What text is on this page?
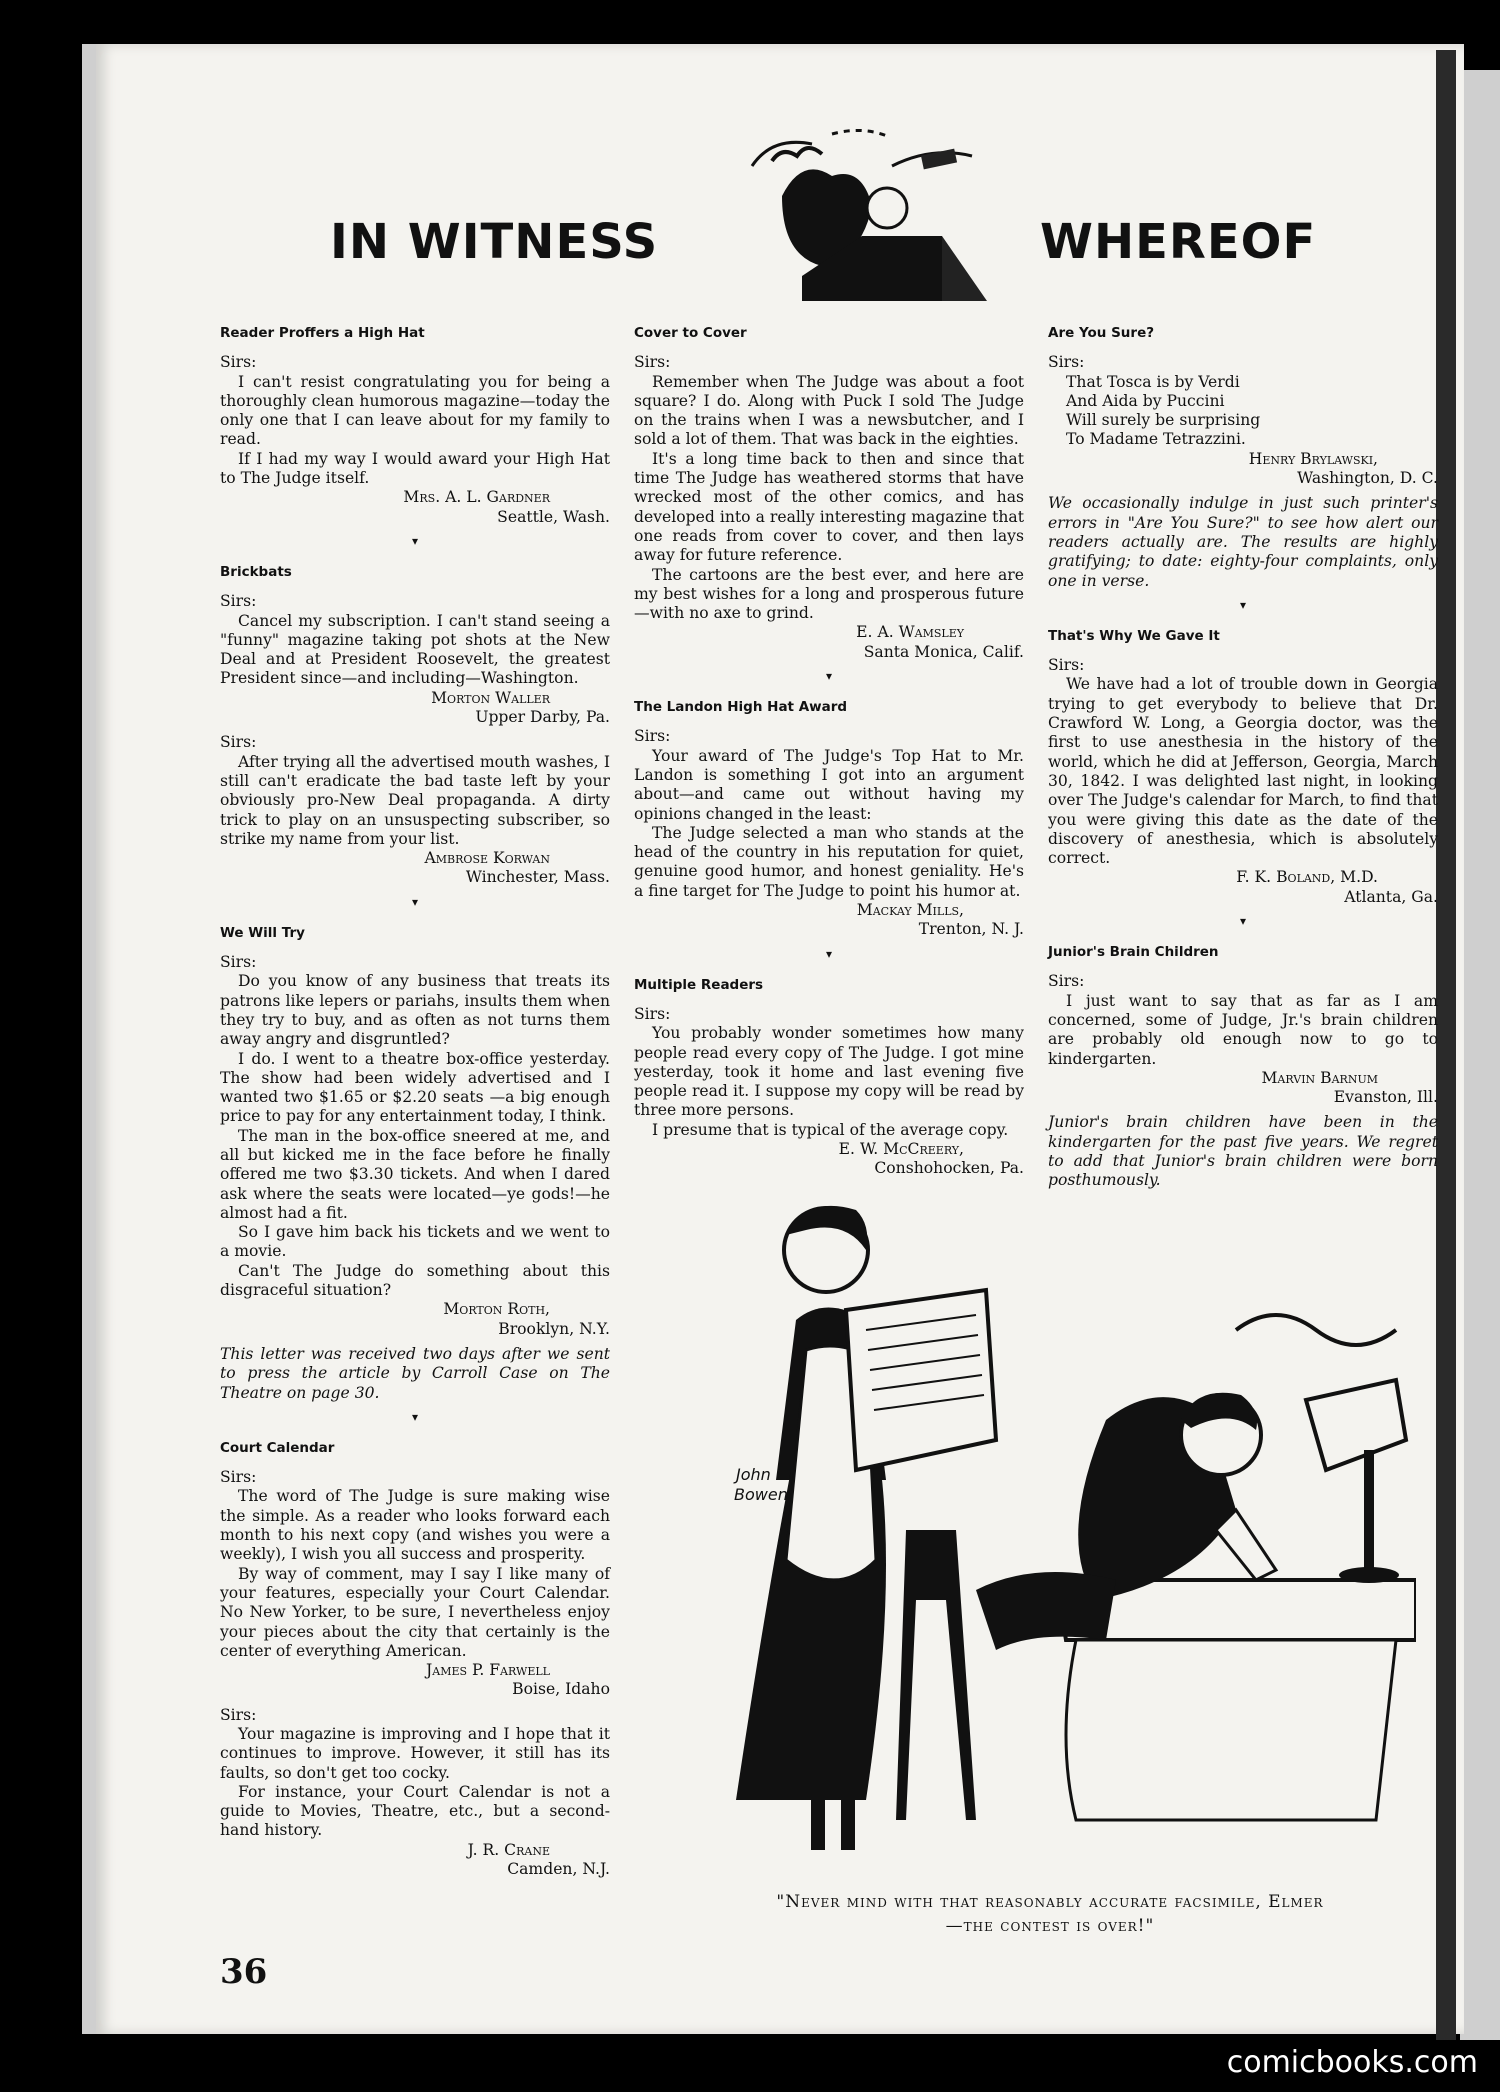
IN WITNESS	WHEREOF

Reader Proffers a High Hat

Sirs:

I can't resist congratulating you for being a thoroughly clean humorous magazine—today the only one that I can leave about for my family to read.

If I had my way I would award your High Hat to The Judge itself.

Mrs. A. L. Gardner

Seattle, Wash.

▾

Brickbats

Sirs:

Cancel my subscription. I can't stand seeing a "funny" magazine taking pot shots at the New Deal and at President Roosevelt, the greatest President since—and including—Washington.

Morton Waller

Upper Darby, Pa.

Sirs:

After trying all the advertised mouth washes, I still can't eradicate the bad taste left by your obviously pro-New Deal propaganda. A dirty trick to play on an unsuspecting subscriber, so strike my name from your list.

Ambrose Korwan

Winchester, Mass.

▾

We Will Try

Sirs:

Do you know of any business that treats its patrons like lepers or pariahs, insults them when they try to buy, and as often as not turns them away angry and disgruntled?

I do. I went to a theatre box-office yesterday. The show had been widely advertised and I wanted two $1.65 or $2.20 seats —a big enough price to pay for any entertainment today, I think.

The man in the box-office sneered at me, and all but kicked me in the face before he finally offered me two $3.30 tickets. And when I dared ask where the seats were located—ye gods!—he almost had a fit.

So I gave him back his tickets and we went to a movie.

Can't The Judge do something about this disgraceful situation?

Morton Roth,

Brooklyn, N.Y.

This letter was received two days after we sent to press the article by Carroll Case on The Theatre on page 30.

▾

Court Calendar

Sirs:

The word of The Judge is sure making wise the simple. As a reader who looks forward each month to his next copy (and wishes you were a weekly), I wish you all success and prosperity.

By way of comment, may I say I like many of your features, especially your Court Calendar. No New Yorker, to be sure, I nevertheless enjoy your pieces about the city that certainly is the center of everything American.

James P. Farwell

Boise, Idaho

Sirs:

Your magazine is improving and I hope that it continues to improve. However, it still has its faults, so don't get too cocky.

For instance, your Court Calendar is not a guide to Movies, Theatre, etc., but a second-hand history.

J. R. Crane

Camden, N.J.

Cover to Cover

Sirs:

Remember when The Judge was about a foot square? I do. Along with Puck I sold The Judge on the trains when I was a newsbutcher, and I sold a lot of them. That was back in the eighties.

It's a long time back to then and since that time The Judge has weathered storms that have wrecked most of the other comics, and has developed into a really interesting magazine that one reads from cover to cover, and then lays away for future reference.

The cartoons are the best ever, and here are my best wishes for a long and prosperous future—with no axe to grind.

E. A. Wamsley

Santa Monica, Calif.

▾

The Landon High Hat Award

Sirs:

Your award of The Judge's Top Hat to Mr. Landon is something I got into an argument about—and came out without having my opinions changed in the least:

The Judge selected a man who stands at the head of the country in his reputation for quiet, genuine good humor, and honest geniality. He's a fine target for The Judge to point his humor at.

Mackay Mills,

Trenton, N. J.

▾

Multiple Readers

Sirs:

You probably wonder sometimes how many people read every copy of The Judge. I got mine yesterday, took it home and last evening five people read it. I suppose my copy will be read by three more persons.

I presume that is typical of the average copy.

E. W. McCreery,

Conshohocken, Pa.

Are You Sure?

Sirs:

That Tosca is by Verdi

And Aida by Puccini

Will surely be surprising

To Madame Tetrazzini.

Henry Brylawski,

Washington, D. C.

We occasionally indulge in just such printer's errors in "Are You Sure?" to see how alert our readers actually are. The results are highly gratifying; to date: eighty-four complaints, only one in verse.

▾

That's Why We Gave It

Sirs:

We have had a lot of trouble down in Georgia trying to get everybody to believe that Dr. Crawford W. Long, a Georgia doctor, was the first to use anesthesia in the history of the world, which he did at Jefferson, Georgia, March 30, 1842. I was delighted last night, in looking over The Judge's calendar for March, to find that you were giving this date as the date of the discovery of anesthesia, which is absolutely correct.

F. K. Boland, M.D.

Atlanta, Ga.

▾

Junior's Brain Children

Sirs:

I just want to say that as far as I am concerned, some of Judge, Jr.'s brain children are probably old enough now to go to kindergarten.

Marvin Barnum

Evanston, Ill.

Junior's brain children have been in the kindergarten for the past five years. We regret to add that Junior's brain children were born posthumously.

John
Bowen
"Never mind with that reasonably accurate facsimile, Elmer
—the contest is over!"
36
comicbooks.com
